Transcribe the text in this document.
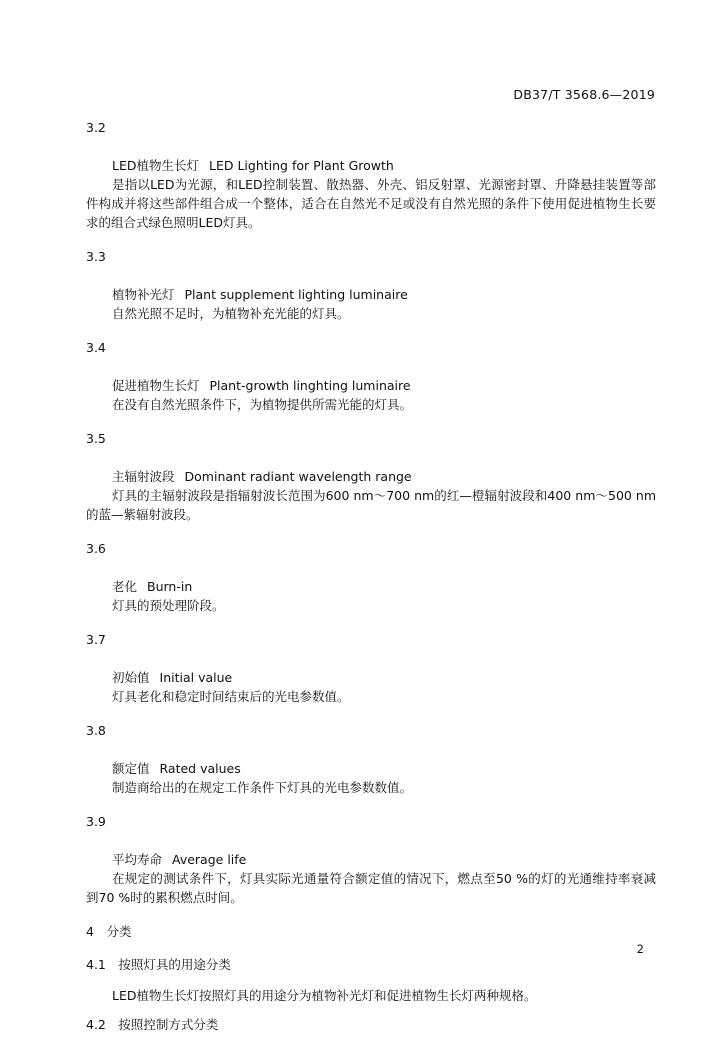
DB37/T 3568.6—2019
3.2
LED植物生长灯 LED Lighting for Plant Growth
是指以LED为光源，和LED控制装置、散热器、外壳、铝反射罩、光源密封罩、升降悬挂装置等部件构成并将这些部件组合成一个整体，适合在自然光不足或没有自然光照的条件下使用促进植物生长要求的组合式绿色照明LED灯具。
3.3
植物补光灯 Plant supplement lighting luminaire
自然光照不足时，为植物补充光能的灯具。
3.4
促进植物生长灯 Plant-growth linghting luminaire
在没有自然光照条件下，为植物提供所需光能的灯具。
3.5
主辐射波段 Dominant radiant wavelength range
灯具的主辐射波段是指辐射波长范围为600 nm～700 nm的红—橙辐射波段和400 nm～500 nm的蓝—紫辐射波段。
3.6
老化 Burn-in
灯具的预处理阶段。
3.7
初始值 Initial value
灯具老化和稳定时间结束后的光电参数值。
3.8
额定值 Rated values
制造商给出的在规定工作条件下灯具的光电参数数值。
3.9
平均寿命 Average life
在规定的测试条件下，灯具实际光通量符合额定值的情况下，燃点至50 %的灯的光通维持率衰减到70 %时的累积燃点时间。
4　分类
4.1　按照灯具的用途分类
LED植物生长灯按照灯具的用途分为植物补光灯和促进植物生长灯两种规格。
4.2　按照控制方式分类
2
